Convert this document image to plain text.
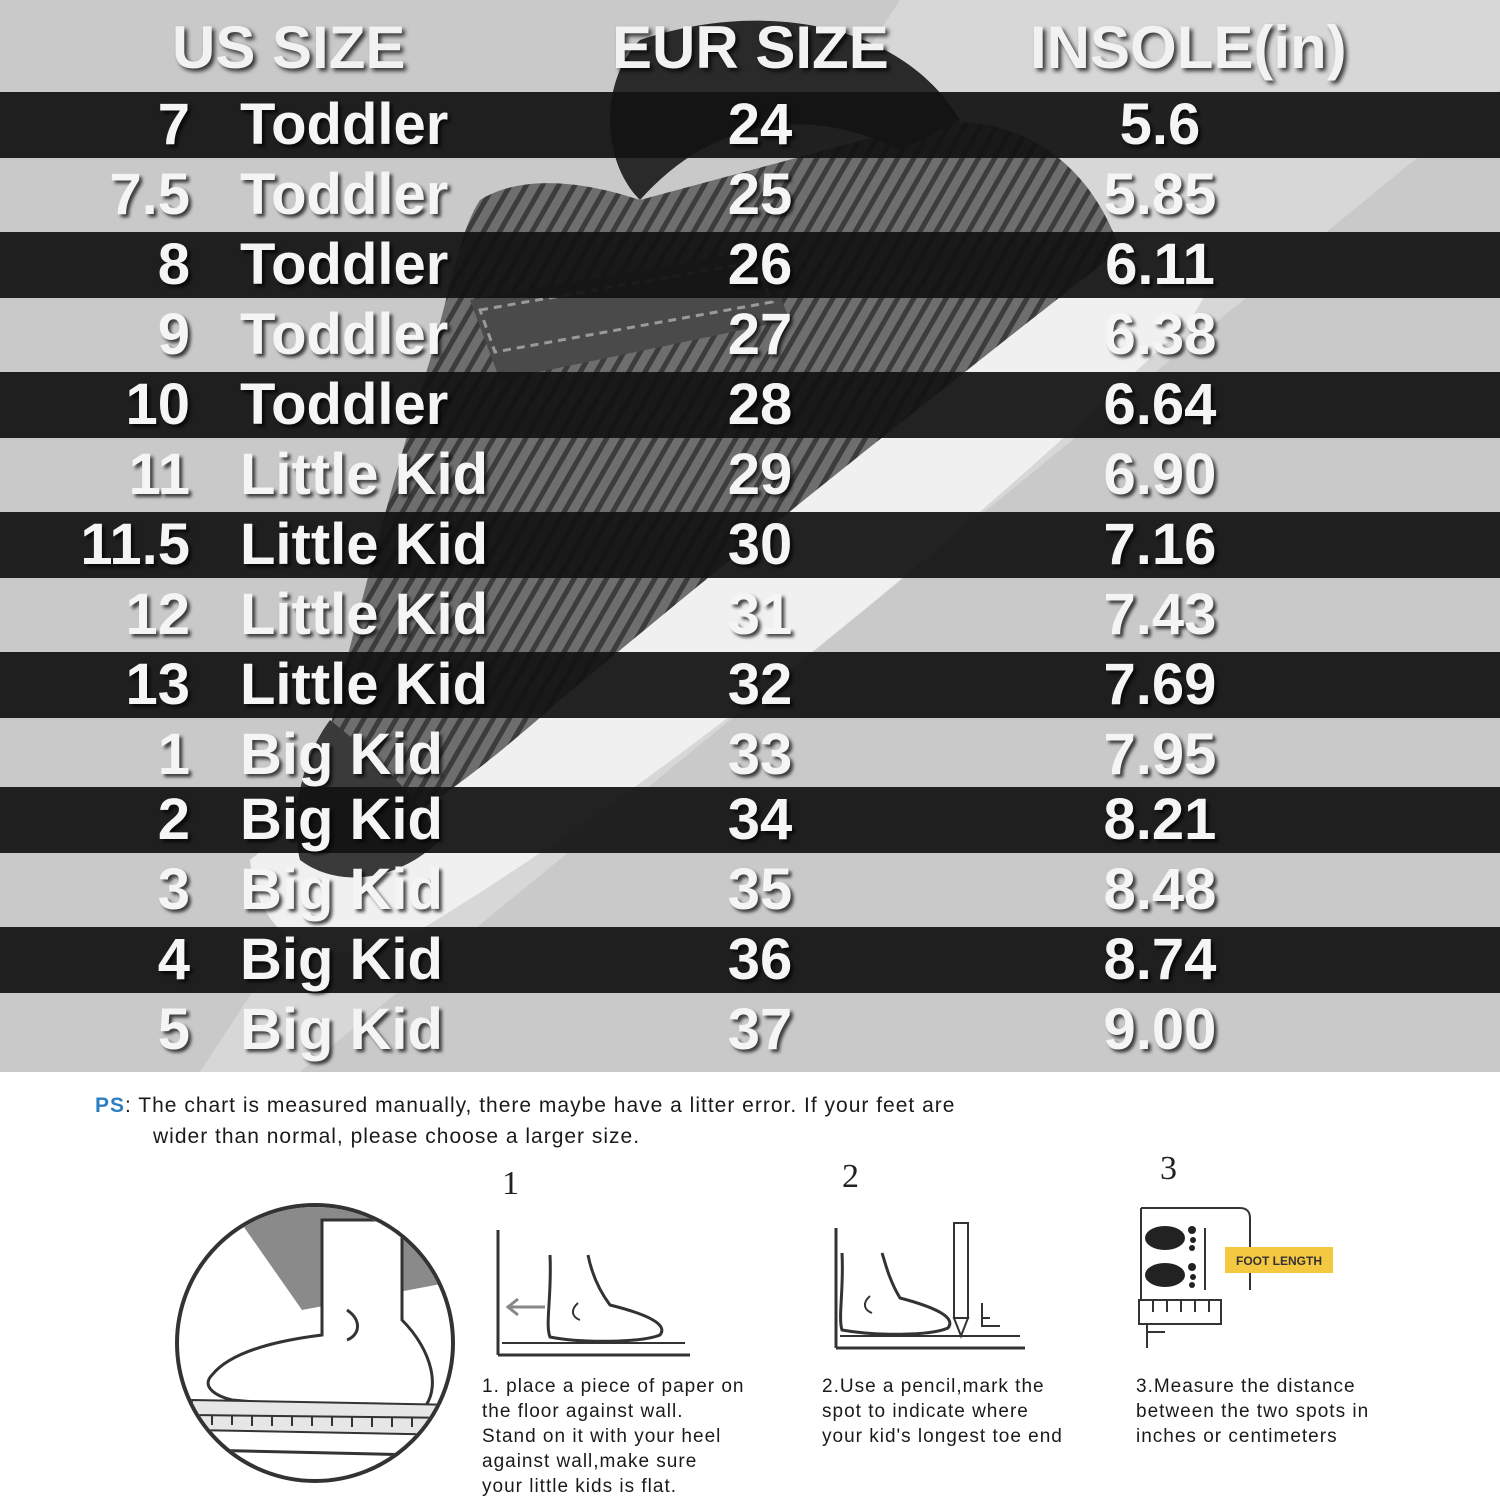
US SIZE	EUR SIZE INSOLE(in)
7 Toddler	24	5.6
7.5 Toddler	25	5.85
8 Toddler	26	6.11
9 Toddler	27	6.38
10 Toddler	28	6.64
11 Little Kid	29	6.90
11.5 Little Kid	30	7.16
12 Little Kid	31	7.43
13 Little Kid	32	7.69
1 Big Kid	33	7.95
2 Big Kid	34	8.21
3 Big Kid	35	8.48
4 Big Kid	36	8.74
5 Big Kid	37	9.00
PS: The chart is measured manually, there maybe have a litter error. If your feet are
wider than normal, please choose a larger size.
1
1. place a piece of paper on
the floor against wall.
Stand on it with your heel
against wall,make sure
your little kids is flat.
2
2.Use a pencil,mark the
spot to indicate where
your kid's longest toe end
3
FOOT LENGTH
3.Measure the distance
between the two spots in
inches or centimeters
